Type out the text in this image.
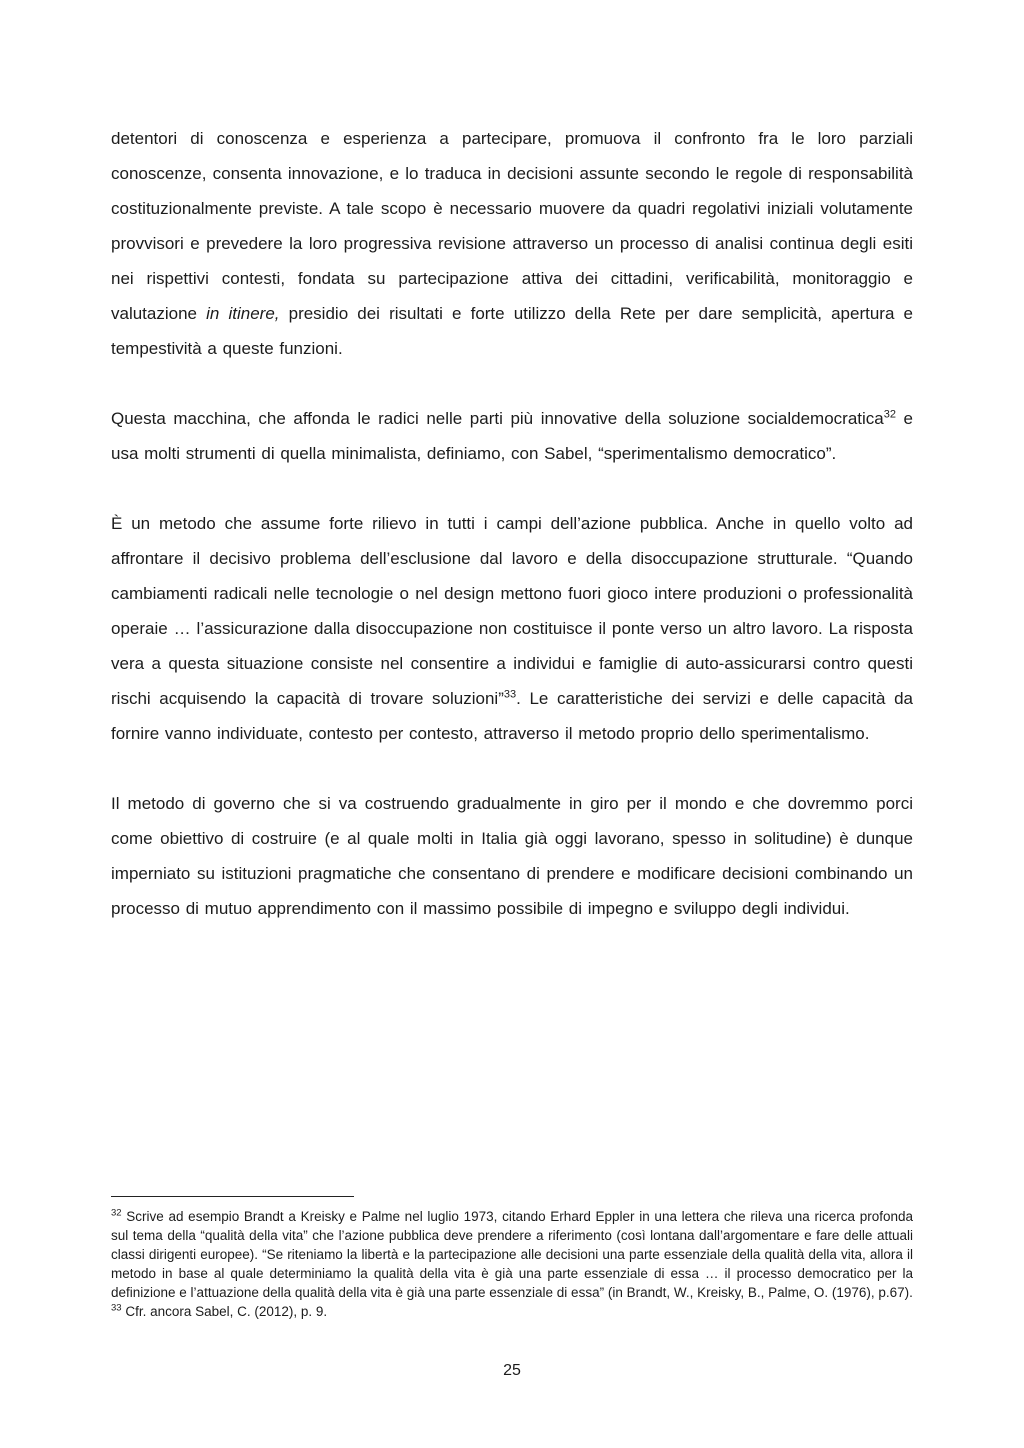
detentori di conoscenza e esperienza a partecipare, promuova il confronto fra le loro parziali conoscenze, consenta innovazione, e lo traduca in decisioni assunte secondo le regole di responsabilità costituzionalmente previste. A tale scopo è necessario muovere da quadri regolativi iniziali volutamente provvisori e prevedere la loro progressiva revisione attraverso un processo di analisi continua degli esiti nei rispettivi contesti, fondata su partecipazione attiva dei cittadini, verificabilità, monitoraggio e valutazione in itinere, presidio dei risultati e forte utilizzo della Rete per dare semplicità, apertura e tempestività a queste funzioni.

Questa macchina, che affonda le radici nelle parti più innovative della soluzione socialdemocratica$^{32}$ e usa molti strumenti di quella minimalista, definiamo, con Sabel, “sperimentalismo democratico”.

È un metodo che assume forte rilievo in tutti i campi dell’azione pubblica. Anche in quello volto ad affrontare il decisivo problema dell’esclusione dal lavoro e della disoccupazione strutturale. “Quando cambiamenti radicali nelle tecnologie o nel design mettono fuori gioco intere produzioni o professionalità operaie … l’assicurazione dalla disoccupazione non costituisce il ponte verso un altro lavoro. La risposta vera a questa situazione consiste nel consentire a individui e famiglie di auto-assicurarsi contro questi rischi acquisendo la capacità di trovare soluzioni”$^{33}$. Le caratteristiche dei servizi e delle capacità da fornire vanno individuate, contesto per contesto, attraverso il metodo proprio dello sperimentalismo.

Il metodo di governo che si va costruendo gradualmente in giro per il mondo e che dovremmo porci come obiettivo di costruire (e al quale molti in Italia già oggi lavorano, spesso in solitudine) è dunque imperniato su istituzioni pragmatiche che consentano di prendere e modificare decisioni combinando un processo di mutuo apprendimento con il massimo possibile di impegno e sviluppo degli individui.

$^{32}$ Scrive ad esempio Brandt a Kreisky e Palme nel luglio 1973, citando Erhard Eppler in una lettera che rileva una ricerca profonda sul tema della “qualità della vita” che l’azione pubblica deve prendere a riferimento (così lontana dall’argomentare e fare delle attuali classi dirigenti europee). “Se riteniamo la libertà e la partecipazione alle decisioni una parte essenziale della qualità della vita, allora il metodo in base al quale determiniamo la qualità della vita è già una parte essenziale di essa … il processo democratico per la definizione e l’attuazione della qualità della vita è già una parte essenziale di essa” (in Brandt, W., Kreisky, B., Palme, O. (1976), p.67).

$^{33}$ Cfr. ancora Sabel, C. (2012), p. 9.

25
